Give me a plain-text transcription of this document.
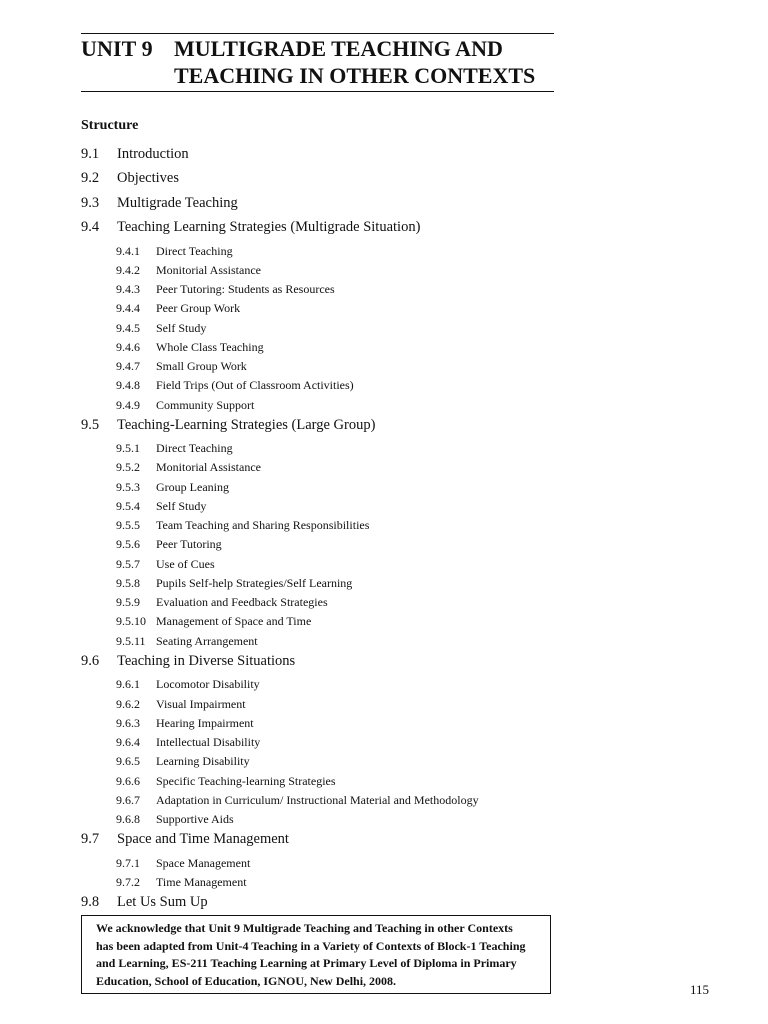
UNIT 9 MULTIGRADE TEACHING AND
TEACHING IN OTHER CONTEXTS
Structure
9.1	Introduction
9.2	Objectives
9.3	Multigrade Teaching
9.4	Teaching Learning Strategies (Multigrade Situation)
9.4.1	Direct Teaching
9.4.2	Monitorial Assistance
9.4.3	Peer Tutoring: Students as Resources
9.4.4	Peer Group Work
9.4.5	Self Study
9.4.6	Whole Class Teaching
9.4.7	Small Group Work
9.4.8	Field Trips (Out of Classroom Activities)
9.4.9	Community Support
9.5	Teaching-Learning Strategies (Large Group)
9.5.1	Direct Teaching
9.5.2	Monitorial Assistance
9.5.3	Group Leaning
9.5.4	Self Study
9.5.5	Team Teaching and Sharing Responsibilities
9.5.6	Peer Tutoring
9.5.7	Use of Cues
9.5.8	Pupils Self-help Strategies/Self Learning
9.5.9	Evaluation and Feedback Strategies
9.5.10 Management of Space and Time
9.5.11 Seating Arrangement
9.6	Teaching in Diverse Situations
9.6.1	Locomotor Disability
9.6.2	Visual Impairment
9.6.3	Hearing Impairment
9.6.4	Intellectual Disability
9.6.5	Learning Disability
9.6.6	Specific Teaching-learning Strategies
9.6.7	Adaptation in Curriculum/ Instructional Material and Methodology
9.6.8	Supportive Aids
9.7	Space and Time Management
9.7.1	Space Management
9.7.2	Time Management
9.8	Let Us Sum Up
We acknowledge that Unit 9 Multigrade Teaching and Teaching in other Contexts
has been adapted from Unit-4 Teaching in a Variety of Contexts of Block-1 Teaching
and Learning, ES-211 Teaching Learning at Primary Level of Diploma in Primary
Education, School of Education, IGNOU, New Delhi, 2008.
115
